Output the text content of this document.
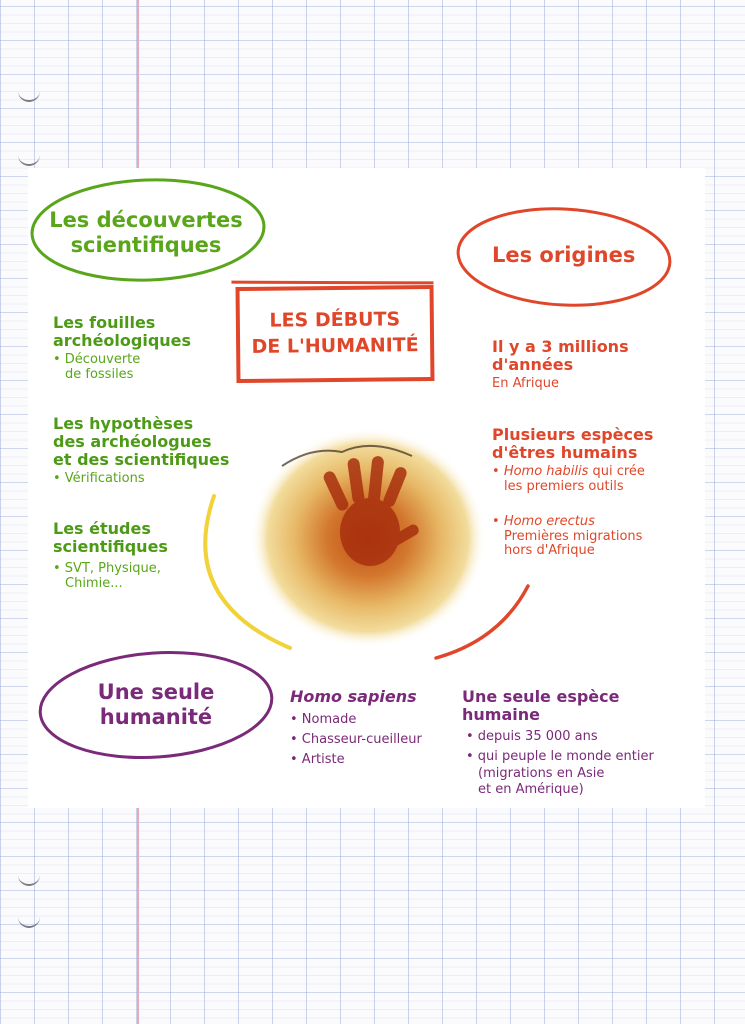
LES DÉBUTS
DE L'HUMANITÉ
Les découvertes
scientifiques
Les fouilles
archéologiques
• Découverte
de fossiles
Les hypothèses
des archéologues
et des scientifiques
• Vérifications
Les études
scientifiques
• SVT, Physique,
Chimie...
Les origines
Il y a 3 millions
d'années
En Afrique
Plusieurs espèces
d'êtres humains
• Homo habilis qui crée
les premiers outils
• Homo erectus
Premières migrations
hors d'Afrique
Une seule
humanité
Homo sapiens
• Nomade
• Chasseur-cueilleur
• Artiste
Une seule espèce
humaine
• depuis 35 000 ans
• qui peuple le monde entier
(migrations en Asie
et en Amérique)
